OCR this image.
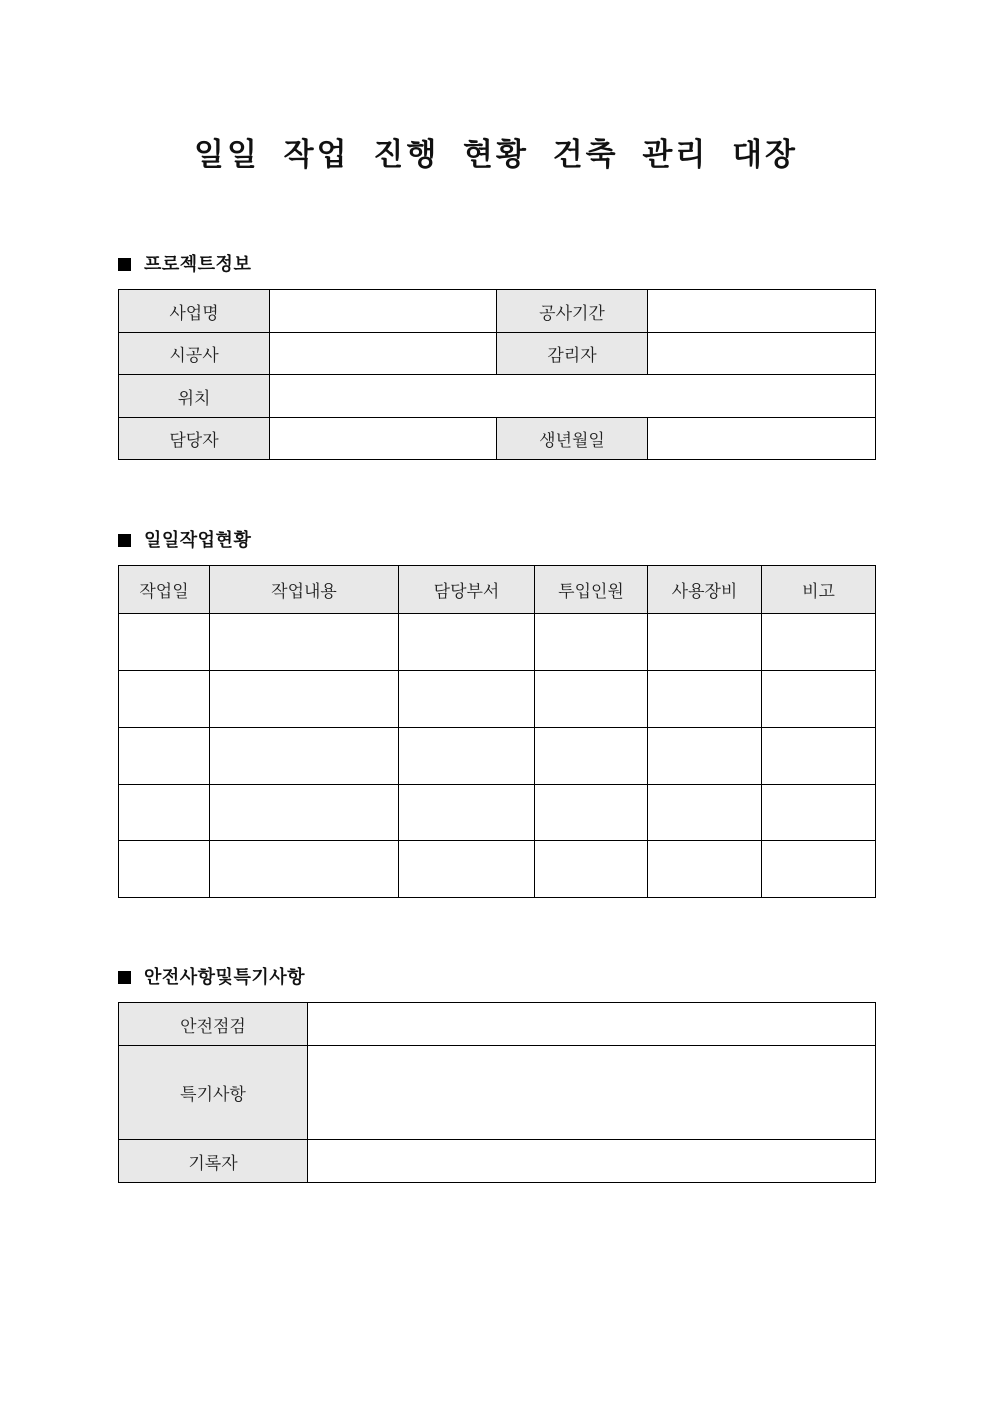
일일 작업 진행 현황 건축 관리 대장
프로젝트정보
사업명		공사기간	
시공사		감리자	
위치			
담당자		생년월일	
일일작업현황
작업일	작업내용	담당부서	투입인원	사용장비	비고

안전사항및특기사항
안전점검	
특기사항	
기록자	
